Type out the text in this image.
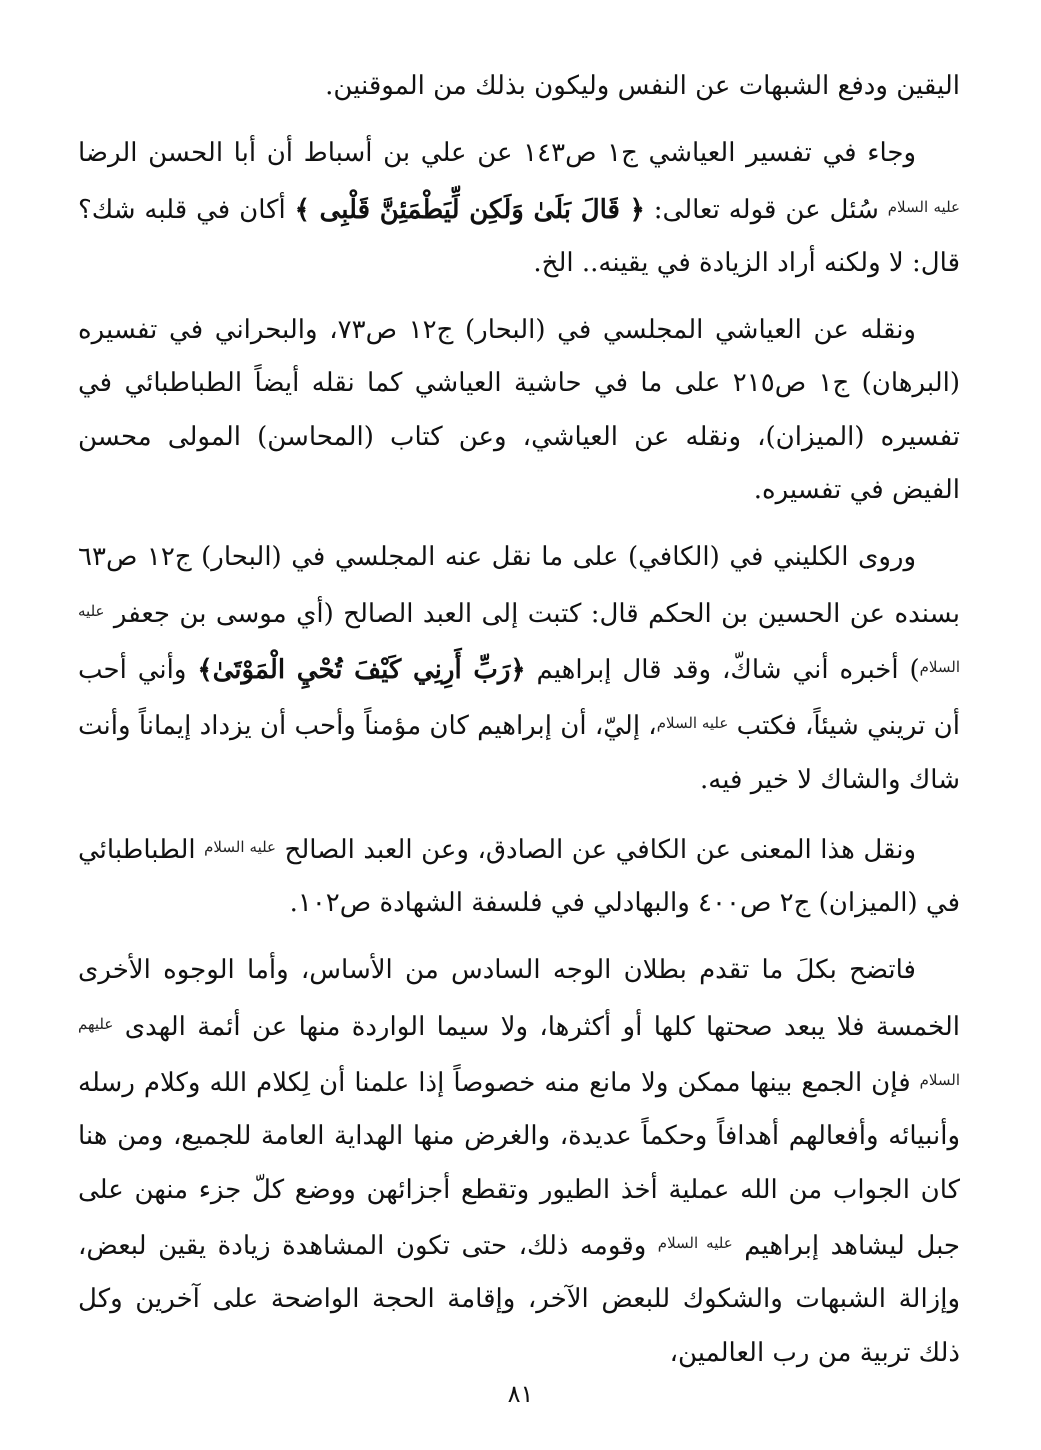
اليقين ودفع الشبهات عن النفس وليكون بذلك من الموقنين.

وجاء في تفسير العياشي ج١ ص١٤٣ عن علي بن أسباط أن أبا الحسن الرضا $^{عليه السلام}$ سُئل عن قوله تعالى: ﴿ قَالَ بَلَىٰ وَلَكِن لِّيَطْمَئِنَّ قَلْبِى ﴾ أكان في قلبه شك؟ قال: لا ولكنه أراد الزيادة في يقينه.. الخ.

ونقله عن العياشي المجلسي في (البحار) ج١٢ ص٧٣، والبحراني في تفسيره (البرهان) ج١ ص٢١٥ على ما في حاشية العياشي كما نقله أيضاً الطباطبائي في تفسيره (الميزان)، ونقله عن العياشي، وعن كتاب (المحاسن) المولى محسن الفيض في تفسيره.

وروى الكليني في (الكافي) على ما نقل عنه المجلسي في (البحار) ج١٢ ص٦٣ بسنده عن الحسين بن الحكم قال: كتبت إلى العبد الصالح (أي موسى بن جعفر $^{عليه السلام}$) أخبره أني شاكّ، وقد قال إبراهيم ﴿رَبِّ أَرِنِي كَيْفَ تُحْيِ الْمَوْتَىٰ﴾ وأني أحب أن تريني شيئاً، فكتب $^{عليه السلام}$، إليّ، أن إبراهيم كان مؤمناً وأحب أن يزداد إيماناً وأنت شاك والشاك لا خير فيه.

ونقل هذا المعنى عن الكافي عن الصادق، وعن العبد الصالح $^{عليه السلام}$ الطباطبائي في (الميزان) ج٢ ص٤٠٠ والبهادلي في فلسفة الشهادة ص١٠٢.

فاتضح بكلَ ما تقدم بطلان الوجه السادس من الأساس، وأما الوجوه الأخرى الخمسة فلا يبعد صحتها كلها أو أكثرها، ولا سيما الواردة منها عن أئمة الهدى $^{عليهم السلام}$ فإن الجمع بينها ممكن ولا مانع منه خصوصاً إذا علمنا أن لِكلام الله وكلام رسله وأنبيائه وأفعالهم أهدافاً وحكماً عديدة، والغرض منها الهداية العامة للجميع، ومن هنا كان الجواب من الله عملية أخذ الطيور وتقطع أجزائهن ووضع كلّ جزء منهن على جبل ليشاهد إبراهيم $^{عليه السلام}$ وقومه ذلك، حتى تكون المشاهدة زيادة يقين لبعض، وإزالة الشبهات والشكوك للبعض الآخر، وإقامة الحجة الواضحة على آخرين وكل ذلك تربية من رب العالمين،

٨١
